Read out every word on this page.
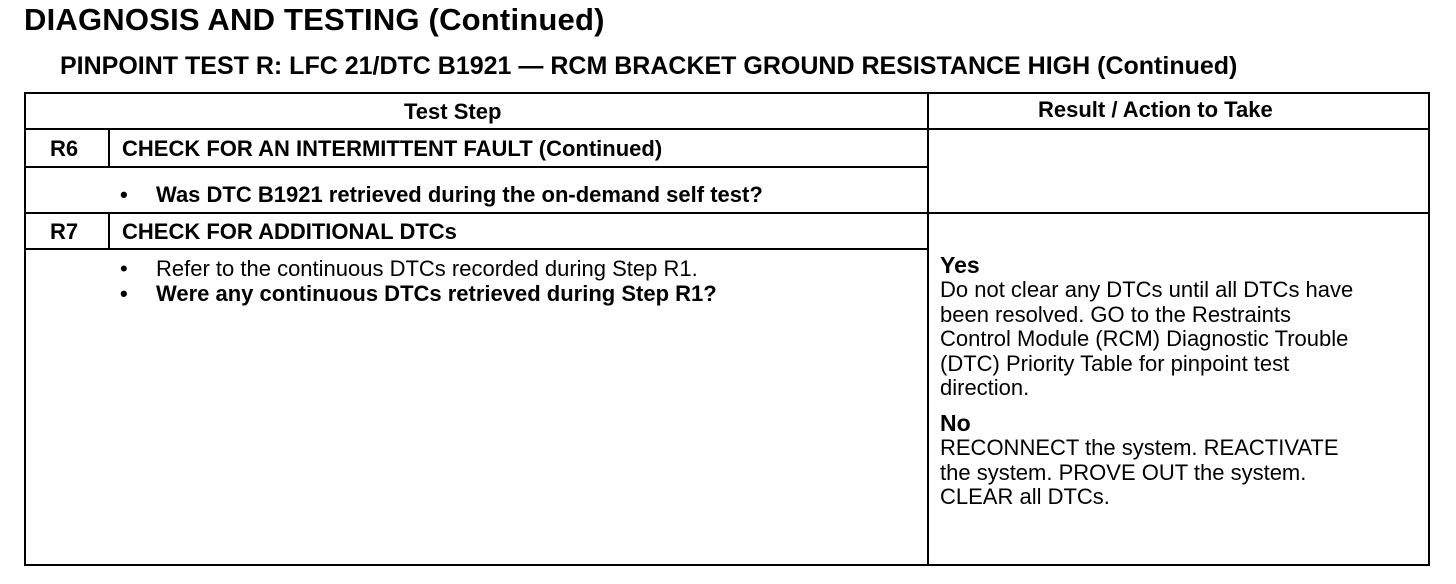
DIAGNOSIS AND TESTING (Continued)
PINPOINT TEST R: LFC 21/DTC B1921 — RCM BRACKET GROUND RESISTANCE HIGH (Continued)
Test Step	Result / Action to Take
R6 CHECK FOR AN INTERMITTENT FAULT (Continued)
• Was DTC B1921 retrieved during the on-demand self test?
R7 CHECK FOR ADDITIONAL DTCs
• Refer to the continuous DTCs recorded during Step R1.
• Were any continuous DTCs retrieved during Step R1?
Yes
Do not clear any DTCs until all DTCs have
been resolved. GO to the Restraints
Control Module (RCM) Diagnostic Trouble
(DTC) Priority Table for pinpoint test
direction.
No
RECONNECT the system. REACTIVATE
the system. PROVE OUT the system.
CLEAR all DTCs.
